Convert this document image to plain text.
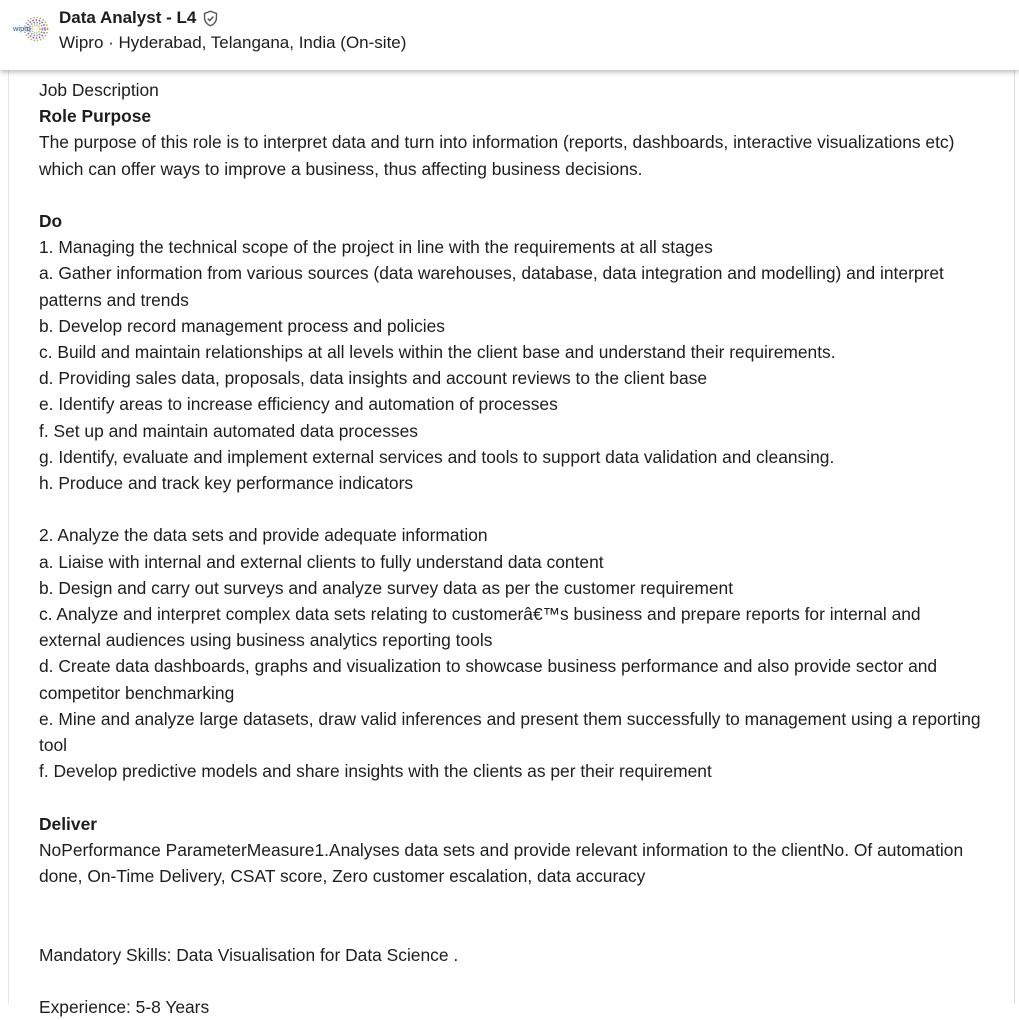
wipro
Data Analyst - L4
Wipro · Hyderabad, Telangana, India (On-site)
Job Description
Role Purpose
The purpose of this role is to interpret data and turn into information (reports, dashboards, interactive visualizations etc)
which can offer ways to improve a business, thus affecting business decisions.
Do
1. Managing the technical scope of the project in line with the requirements at all stages
a. Gather information from various sources (data warehouses, database, data integration and modelling) and interpret
patterns and trends
b. Develop record management process and policies
c. Build and maintain relationships at all levels within the client base and understand their requirements.
d. Providing sales data, proposals, data insights and account reviews to the client base
e. Identify areas to increase efficiency and automation of processes
f. Set up and maintain automated data processes
g. Identify, evaluate and implement external services and tools to support data validation and cleansing.
h. Produce and track key performance indicators
2. Analyze the data sets and provide adequate information
a. Liaise with internal and external clients to fully understand data content
b. Design and carry out surveys and analyze survey data as per the customer requirement
c. Analyze and interpret complex data sets relating to customerâ€™s business and prepare reports for internal and
external audiences using business analytics reporting tools
d. Create data dashboards, graphs and visualization to showcase business performance and also provide sector and
competitor benchmarking
e. Mine and analyze large datasets, draw valid inferences and present them successfully to management using a reporting
tool
f. Develop predictive models and share insights with the clients as per their requirement
Deliver
NoPerformance ParameterMeasure1.Analyses data sets and provide relevant information to the clientNo. Of automation
done, On-Time Delivery, CSAT score, Zero customer escalation, data accuracy
Mandatory Skills: Data Visualisation for Data Science .
Experience: 5-8 Years
